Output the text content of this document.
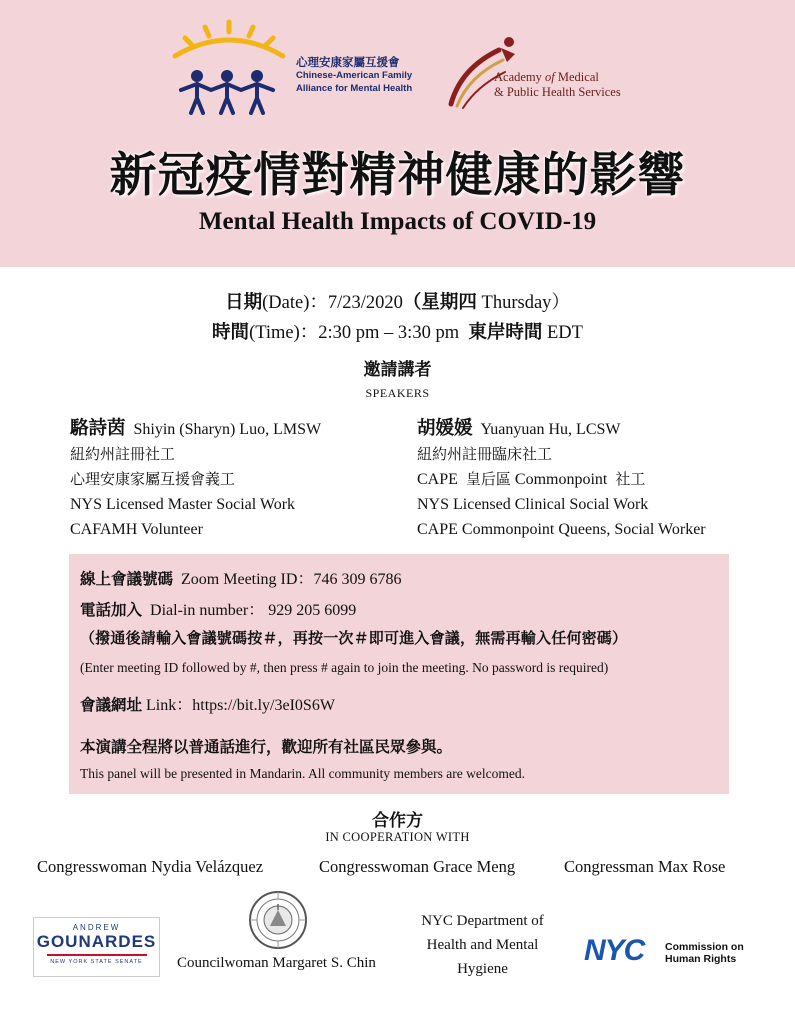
心理安康家屬互援會
Chinese-American Family
Alliance for Mental Health
Academy of Medical
& Public Health Services
新冠疫情對精神健康的影響
Mental Health Impacts of COVID-19
日期(Date)：7/23/2020（星期四 Thursday）
時間(Time)：2:30 pm – 3:30 pm 東岸時間 EDT
邀請講者
SPEAKERS
駱詩茵 Shiyin (Sharyn) Luo, LMSW
紐約州註冊社工
心理安康家屬互援會義工
NYS Licensed Master Social Work
CAFAMH Volunteer
胡媛媛 Yuanyuan Hu, LCSW
紐約州註冊臨床社工
CAPE 皇后區 Commonpoint 社工
NYS Licensed Clinical Social Work
CAPE Commonpoint Queens, Social Worker
線上會議號碼 Zoom Meeting ID：746 309 6786
電話加入 Dial-in number： 929 205 6099
（撥通後請輸入會議號碼按＃，再按一次＃即可進入會議，無需再輸入任何密碼）
(Enter meeting ID followed by #, then press # again to join the meeting. No password is required)
會議網址 Link：https://bit.ly/3eI0S6W
本演講全程將以普通話進行，歡迎所有社區民眾參與。
This panel will be presented in Mandarin. All community members are welcomed.
合作方
IN COOPERATION WITH
Congresswoman Nydia Velázquez	Congresswoman Grace Meng	Congressman Max Rose
ANDREW
GOUNARDES
NEW YORK STATE SENATE	Councilwoman Margaret S. Chin
NYC Department of
Health and Mental
Hygiene
NYC Commission on
Human Rights
